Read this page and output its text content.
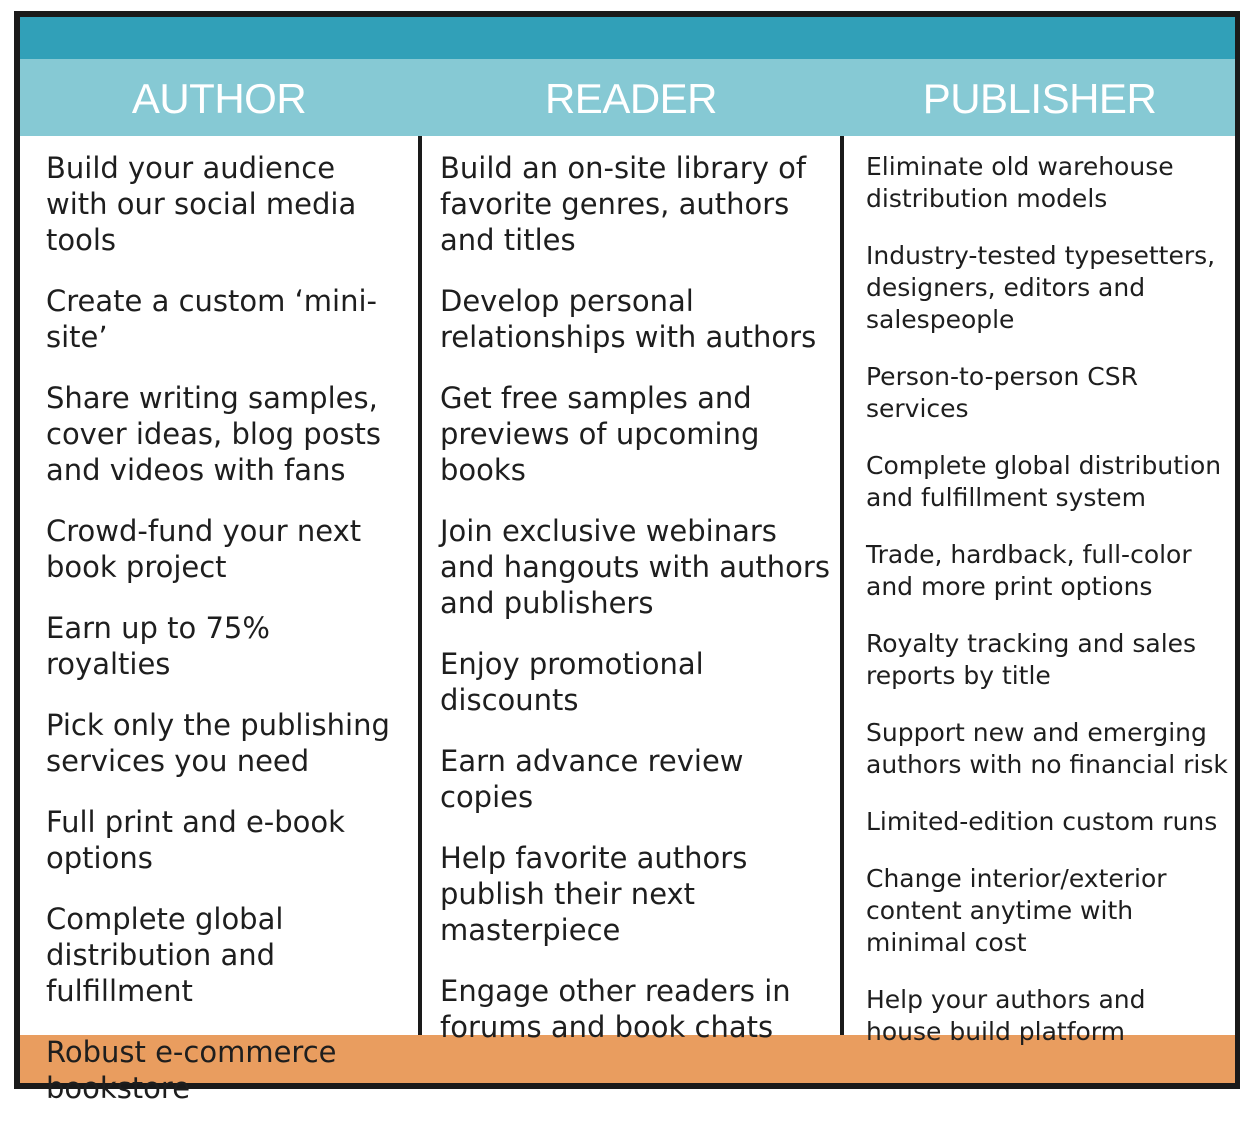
AUTHOR	READER	PUBLISHER
Build your audience with our social media tools
Create a custom ‘mini-site’
Share writing samples, cover ideas, blog posts and videos with fans
Crowd-fund your next book project
Earn up to 75% royalties
Pick only the publishing services you need
Full print and e-book options
Complete global distribution and fulfillment
Robust e-commerce bookstore
Build an on-site library of favorite genres, authors and titles
Develop personal relationships with authors
Get free samples and previews of upcoming books
Join exclusive webinars and hangouts with authors and publishers
Enjoy promotional discounts
Earn advance review copies
Help favorite authors publish their next masterpiece
Engage other readers in forums and book chats
Eliminate old warehouse distribution models
Industry-tested typesetters, designers, editors and salespeople
Person-to-person CSR services
Complete global distribution and fulfillment system
Trade, hardback, full-color and more print options
Royalty tracking and sales reports by title
Support new and emerging authors with no financial risk
Limited-edition custom runs
Change interior/exterior content anytime with minimal cost
Help your authors and house build platform
